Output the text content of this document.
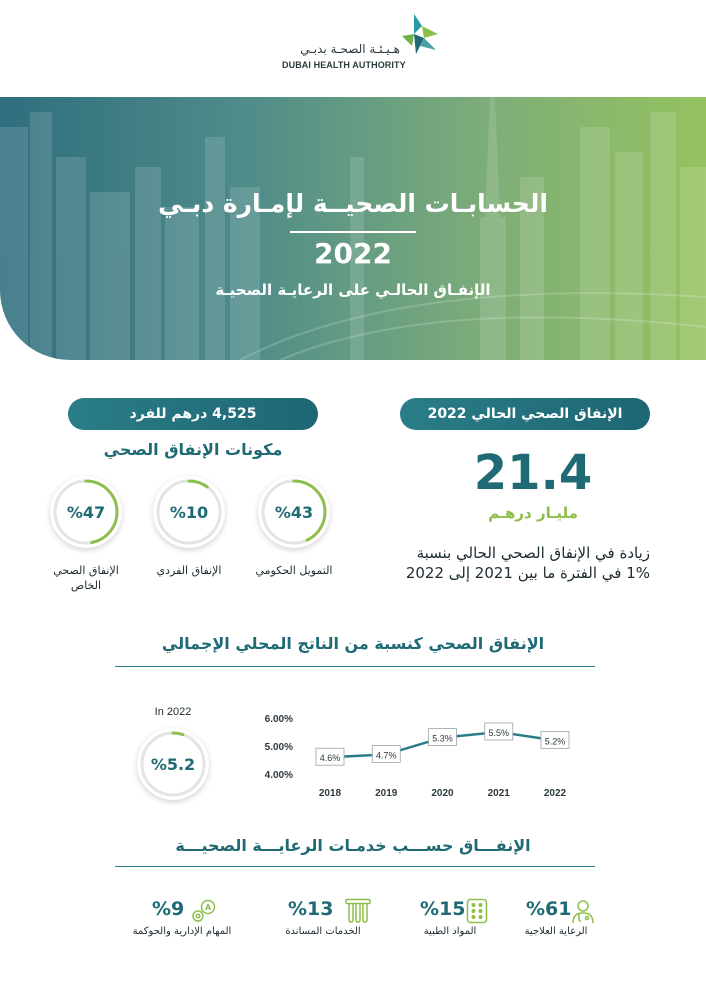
هـيـئـة الصحـة بدبـي
DUBAI HEALTH AUTHORITY
الحسابـات الصحيــة لإمـارة دبـي
2022
الإنفـاق الحالـي على الرعايـة الصحيـة
الإنفاق الصحي الحالي 2022
21.4
مليـار درهـم
زيادة في الإنفاق الصحي الحالي بنسبة
1% في الفترة ما بين 2021 إلى 2022
4,525 درهم للفرد
مكونات الإنفاق الصحي
%43
التمويل الحكومي
%10
الإنفاق الفردي
%47
الإنفاق الصحي
الخاص
الإنفاق الصحي كنسبة من الناتج المحلي الإجمالي
In 2022
%5.2
4.00%
5.00%
6.00%
4.6%
2018
4.7%
2019
5.3%
2020
5.5%
2021
5.2%
2022
الإنفـــاق حســـب خدمـات الرعايـــة الصحيـــة
%61
الرعاية العلاجية
%15
المواد الطبية
%13
الخدمات المساندة
A
%9
المهام الإدارية والحوكمة
